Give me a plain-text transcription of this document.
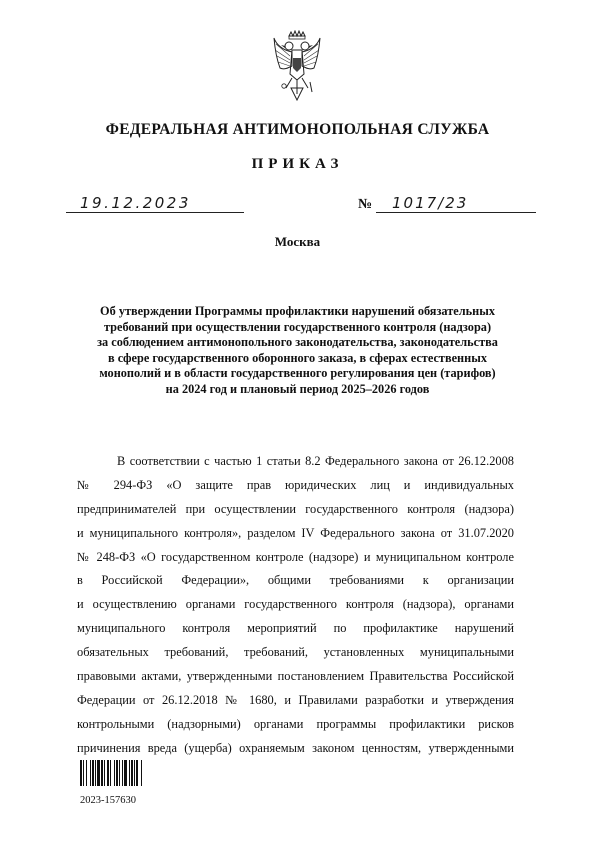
ФЕДЕРАЛЬНАЯ АНТИМОНОПОЛЬНАЯ СЛУЖБА
ПРИКАЗ
19.12.2023	№ 1017/23
Москва
Об утверждении Программы профилактики нарушений обязательных
требований при осуществлении государственного контроля (надзора)
за соблюдением антимонопольного законодательства, законодательства
в сфере государственного оборонного заказа, в сферах естественных
монополий и в области государственного регулирования цен (тарифов)
на 2024 год и плановый период 2025–2026 годов
В соответствии с частью 1 статьи 8.2 Федерального закона от 26.12.2008
№ 294-ФЗ «О защите прав юридических лиц и индивидуальных
предпринимателей при осуществлении государственного контроля (надзора)
и муниципального контроля», разделом IV Федерального закона от 31.07.2020
№ 248-ФЗ «О государственном контроле (надзоре) и муниципальном контроле
в Российской Федерации», общими требованиями к организации
и осуществлению органами государственного контроля (надзора), органами
муниципального контроля мероприятий по профилактике нарушений
обязательных требований, требований, установленных муниципальными
правовыми актами, утвержденными постановлением Правительства Российской
Федерации от 26.12.2018 № 1680, и Правилами разработки и утверждения
контрольными (надзорными) органами программы профилактики рисков
причинения вреда (ущерба) охраняемым законом ценностям, утвержденными
2023-157630
